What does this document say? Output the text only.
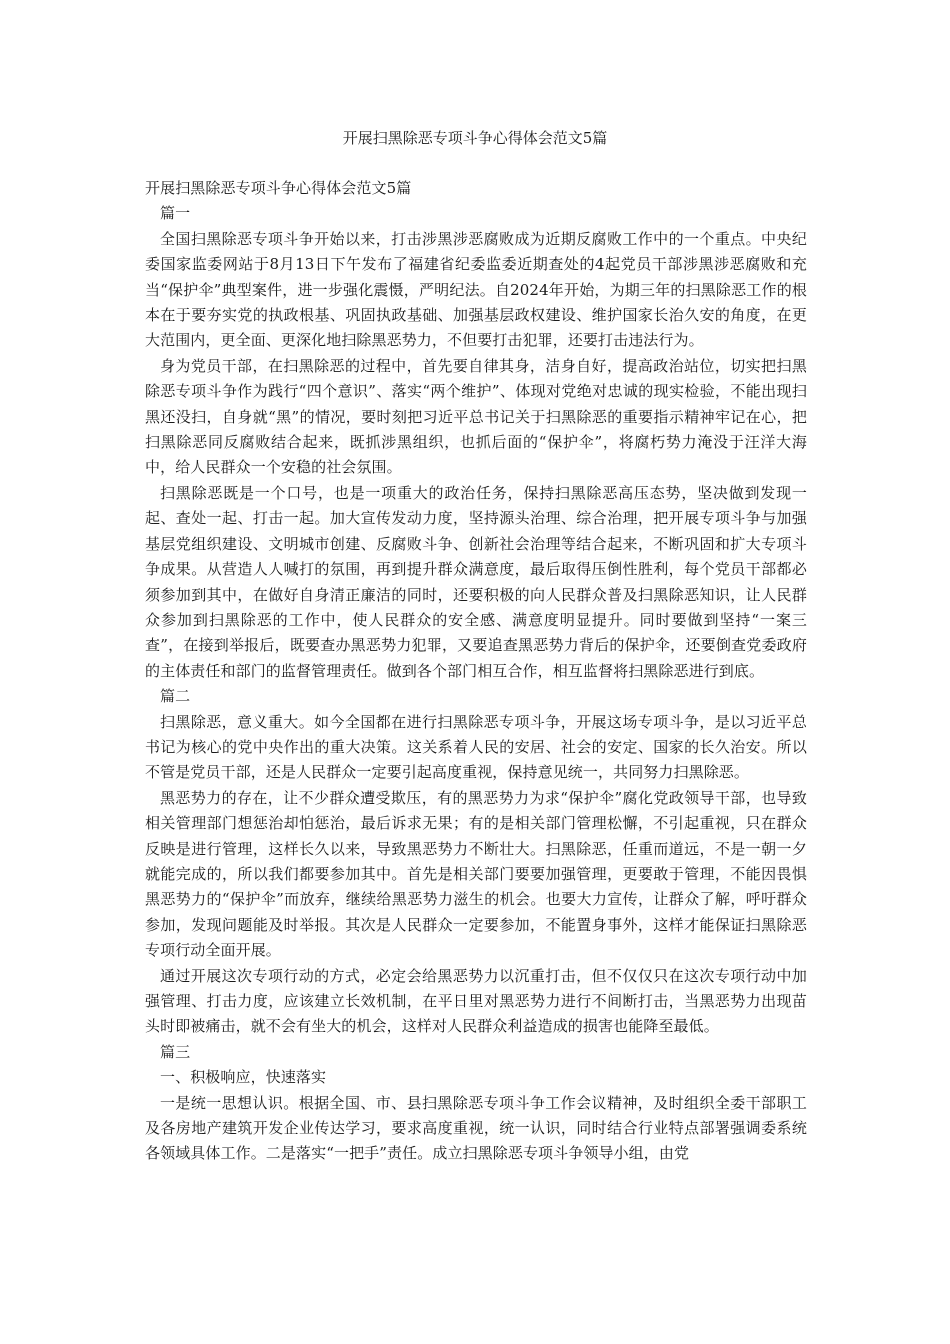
开展扫黑除恶专项斗争心得体会范文5篇

开展扫黑除恶专项斗争心得体会范文5篇

篇一

全国扫黑除恶专项斗争开始以来，打击涉黑涉恶腐败成为近期反腐败工作中的一个重点。中央纪委国家监委网站于8月13日下午发布了福建省纪委监委近期查处的4起党员干部涉黑涉恶腐败和充当“保护伞”典型案件，进一步强化震慑，严明纪法。自2024年开始，为期三年的扫黑除恶工作的根本在于要夯实党的执政根基、巩固执政基础、加强基层政权建设、维护国家长治久安的角度，在更大范围内，更全面、更深化地扫除黑恶势力，不但要打击犯罪，还要打击违法行为。

身为党员干部，在扫黑除恶的过程中，首先要自律其身，洁身自好，提高政治站位，切实把扫黑除恶专项斗争作为践行“四个意识”、落实“两个维护”、体现对党绝对忠诚的现实检验，不能出现扫黑还没扫，自身就“黑”的情况，要时刻把习近平总书记关于扫黑除恶的重要指示精神牢记在心，把扫黑除恶同反腐败结合起来，既抓涉黑组织，也抓后面的“保护伞”，将腐朽势力淹没于汪洋大海中，给人民群众一个安稳的社会氛围。

扫黑除恶既是一个口号，也是一项重大的政治任务，保持扫黑除恶高压态势，坚决做到发现一起、查处一起、打击一起。加大宣传发动力度，坚持源头治理、综合治理，把开展专项斗争与加强基层党组织建设、文明城市创建、反腐败斗争、创新社会治理等结合起来，不断巩固和扩大专项斗争成果。从营造人人喊打的氛围，再到提升群众满意度，最后取得压倒性胜利，每个党员干部都必须参加到其中，在做好自身清正廉洁的同时，还要积极的向人民群众普及扫黑除恶知识，让人民群众参加到扫黑除恶的工作中，使人民群众的安全感、满意度明显提升。同时要做到坚持“一案三查”，在接到举报后，既要查办黑恶势力犯罪，又要追查黑恶势力背后的保护伞，还要倒查党委政府的主体责任和部门的监督管理责任。做到各个部门相互合作，相互监督将扫黑除恶进行到底。

篇二

扫黑除恶，意义重大。如今全国都在进行扫黑除恶专项斗争，开展这场专项斗争，是以习近平总书记为核心的党中央作出的重大决策。这关系着人民的安居、社会的安定、国家的长久治安。所以不管是党员干部，还是人民群众一定要引起高度重视，保持意见统一，共同努力扫黑除恶。

黑恶势力的存在，让不少群众遭受欺压，有的黑恶势力为求“保护伞”腐化党政领导干部，也导致相关管理部门想惩治却怕惩治，最后诉求无果；有的是相关部门管理松懈，不引起重视，只在群众反映是进行管理，这样长久以来，导致黑恶势力不断壮大。扫黑除恶，任重而道远，不是一朝一夕就能完成的，所以我们都要参加其中。首先是相关部门要要加强管理，更要敢于管理，不能因畏惧黑恶势力的“保护伞”而放弃，继续给黑恶势力滋生的机会。也要大力宣传，让群众了解，呼吁群众参加，发现问题能及时举报。其次是人民群众一定要参加，不能置身事外，这样才能保证扫黑除恶专项行动全面开展。

通过开展这次专项行动的方式，必定会给黑恶势力以沉重打击，但不仅仅只在这次专项行动中加强管理、打击力度，应该建立长效机制，在平日里对黑恶势力进行不间断打击，当黑恶势力出现苗头时即被痛击，就不会有坐大的机会，这样对人民群众利益造成的损害也能降至最低。

篇三

一、积极响应，快速落实

一是统一思想认识。根据全国、市、县扫黑除恶专项斗争工作会议精神，及时组织全委干部职工及各房地产建筑开发企业传达学习，要求高度重视，统一认识，同时结合行业特点部署强调委系统各领域具体工作。二是落实“一把手”责任。成立扫黑除恶专项斗争领导小组，由党
